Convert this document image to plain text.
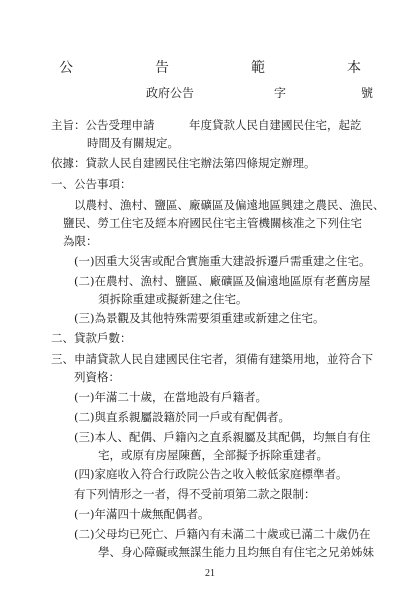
公　告　範　本
政府公告	字	號
主旨：公告受理申請　　　年度貸款人民自建國民住宅，起訖
時間及有關規定。
依據：貸款人民自建國民住宅辦法第四條規定辦理。
一、公告事項：
以農村、漁村、鹽區、廠礦區及偏遠地區興建之農民、漁民、
鹽民、勞工住宅及經本府國民住宅主管機關核准之下列住宅
為限：
(一)因重大災害或配合實施重大建設拆遷戶需重建之住宅。
(二)在農村、漁村、鹽區、廠礦區及偏遠地區原有老舊房屋
須拆除重建或擬新建之住宅。
(三)為景觀及其他特殊需要須重建或新建之住宅。
二、貸款戶數：
三、申請貸款人民自建國民住宅者，須備有建築用地，並符合下
列資格：
(一)年滿二十歲，在當地設有戶籍者。
(二)與直系親屬設籍於同一戶或有配偶者。
(三)本人、配偶、戶籍內之直系親屬及其配偶，均無自有住
宅，或原有房屋陳舊，全部擬予拆除重建者。
(四)家庭收入符合行政院公告之收入較低家庭標準者。
有下列情形之一者，得不受前項第二款之限制：
(一)年滿四十歲無配偶者。
(二)父母均已死亡、戶籍內有未滿二十歲或已滿二十歲仍在
學、身心障礙或無謀生能力且均無自有住宅之兄弟姊妹
21
